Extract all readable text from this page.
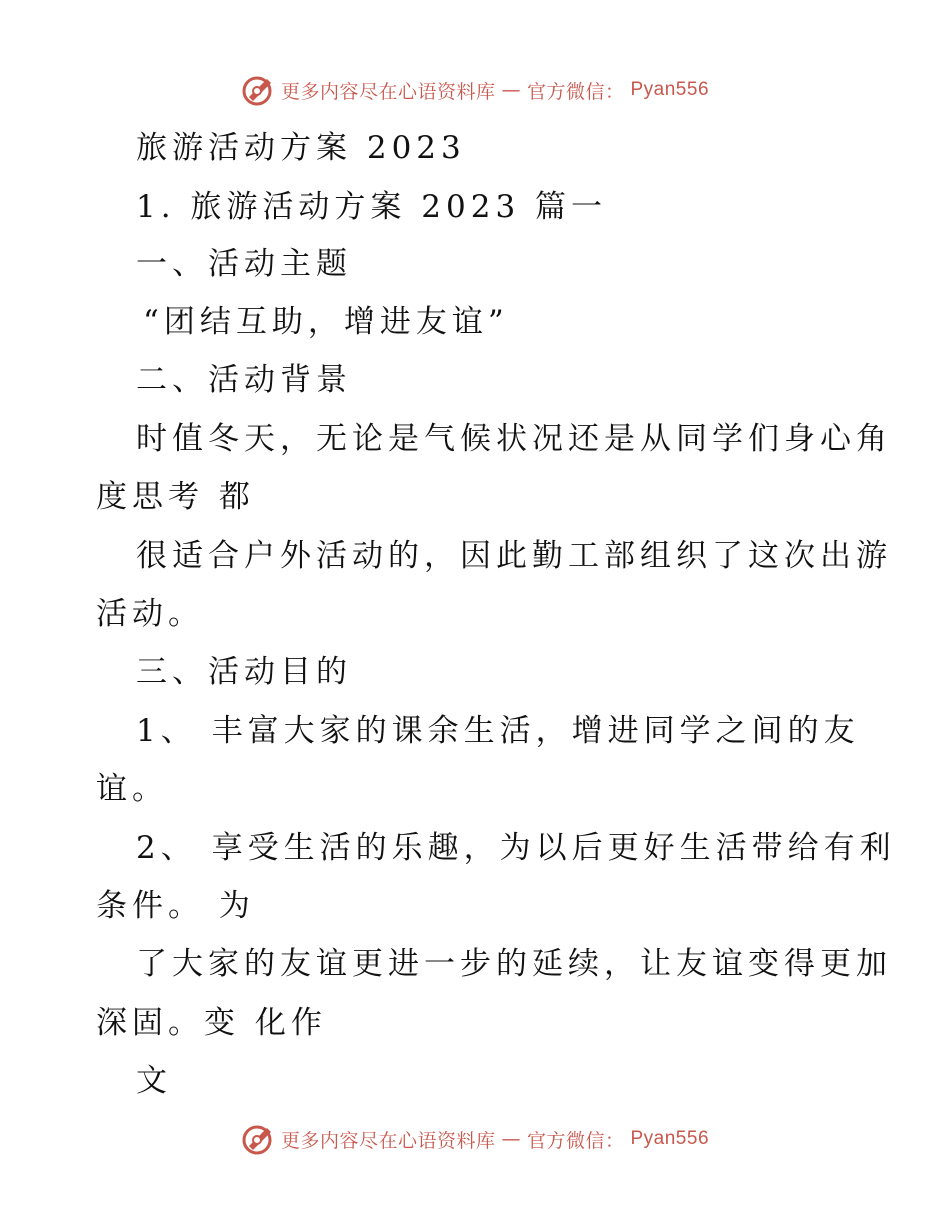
更多内容尽在心语资料库 — 官方微信： Pyan556
旅游活动方案 2023
1. 旅游活动方案 2023 篇一
一、活动主题
“团结互助，增进友谊”
二、活动背景
时值冬天，无论是气候状况还是从同学们身心角
度思考 都
很适合户外活动的，因此勤工部组织了这次出游
活动。
三、活动目的
1、 丰富大家的课余生活，增进同学之间的友
谊。
2、 享受生活的乐趣，为以后更好生活带给有利
条件。 为
了大家的友谊更进一步的延续，让友谊变得更加
深固。变 化作
文
更多内容尽在心语资料库 — 官方微信： Pyan556
